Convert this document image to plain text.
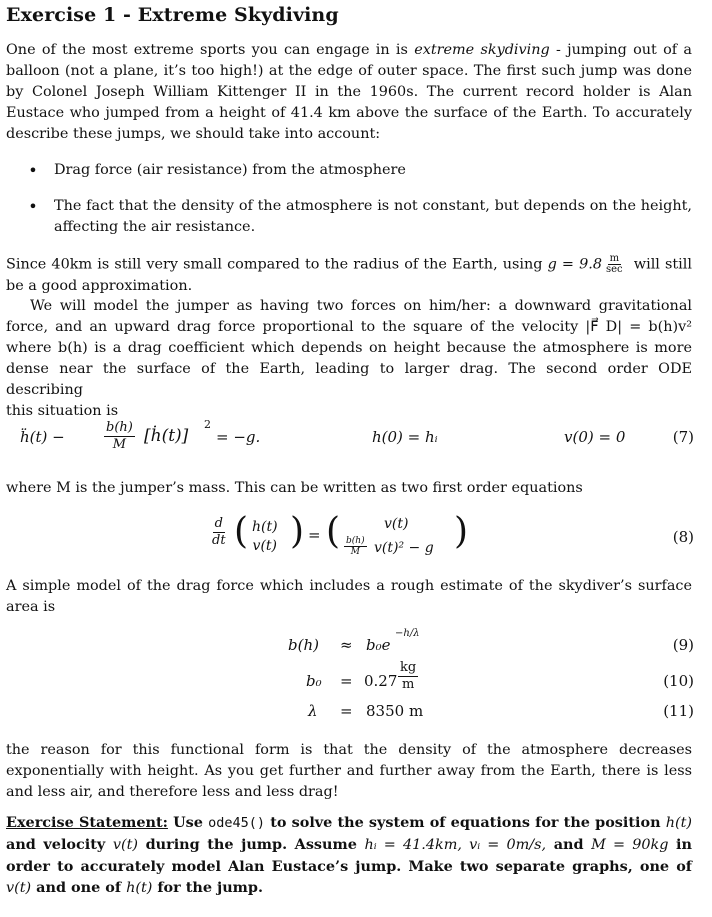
Exercise 1 - Extreme Skydiving

One of the most extreme sports you can engage in is extreme skydiving - jumping out of a balloon (not a plane, it’s too high!) at the edge of outer space. The first such jump was done by Colonel Joseph William Kittenger II in the 1960s. The current record holder is Alan Eustace who jumped from a height of 41.4 km above the surface of the Earth. To accurately describe these jumps, we should take into account:

•	Drag force (air resistance) from the atmosphere
•	The fact that the density of the atmosphere is not constant, but depends on the height, affecting the air resistance.

Since 40km is still very small compared to the radius of the Earth, using $g = 9.8 \frac{m}{\sec}$ will still be a good approximation.

We will model the jumper as having two forces on him/her: a downward gravitational

force, and an upward drag force proportional to the square of the velocity |F⃗ D| = b(h)v²

where b(h) is a drag coefficient which depends on height because the atmosphere is more

dense near the surface of the Earth, leading to larger drag. The second order ODE describing

this situation is

ḧ(t) −	$\frac{b(h)}{M}$ [ḣ(t)]
2
= −g.	h(0) = hᵢ	v(0) = 0	(7)

where M is the jumper’s mass. This can be written as two first order equations

$\frac{d}{dt}$ ( h(t)
v(t) ) = (	v(t)
$\frac{b(h)}{M} v(t)^2 - g$ )	(8)

A simple model of the drag force which includes a rough estimate of the skydiver’s surface area is

b(h) ≈ b₀e
−h/λ
(9)
$b_0 = 0.27 \frac{kg}{m}$	(10)
λ = 8350 m	(11)

the reason for this functional form is that the density of the atmosphere decreases exponentially with height. As you get further and further away from the Earth, there is less and less air, and therefore less and less drag!

Exercise Statement: Use ode45() to solve the system of equations for the position h(t) and velocity v(t) during the jump. Assume hᵢ = 41.4km, vᵢ = 0m/s, and M = 90kg in order to accurately model Alan Eustace’s jump. Make two separate graphs, one of v(t) and one of h(t) for the jump.
